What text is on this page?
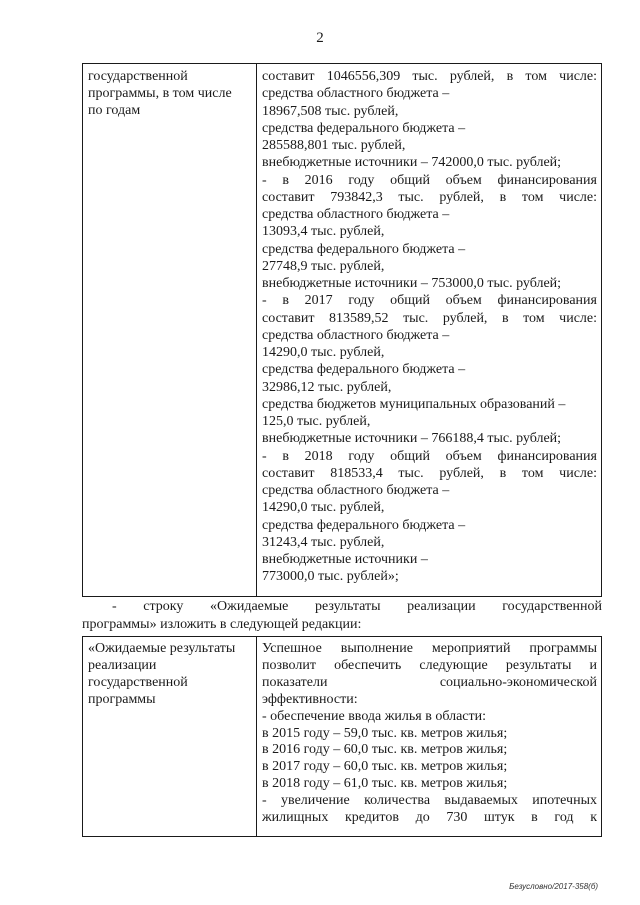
2
государственной
программы, в том числе
по годам

составит 1046556,309 тыс. рублей, в том числе:
средства областного бюджета –
18967,508 тыс. рублей,
средства федерального бюджета –
285588,801 тыс. рублей,
внебюджетные источники – 742000,0 тыс. рублей;
- в 2016 году общий объем финансирования
составит 793842,3 тыс. рублей, в том числе:
средства областного бюджета –
13093,4 тыс. рублей,
средства федерального бюджета –
27748,9 тыс. рублей,
внебюджетные источники – 753000,0 тыс. рублей;
- в 2017 году общий объем финансирования
составит 813589,52 тыс. рублей, в том числе:
средства областного бюджета –
14290,0 тыс. рублей,
средства федерального бюджета –
32986,12 тыс. рублей,
средства бюджетов муниципальных образований –
125,0 тыс. рублей,
внебюджетные источники – 766188,4 тыс. рублей;
- в 2018 году общий объем финансирования
составит 818533,4 тыс. рублей, в том числе:
средства областного бюджета –
14290,0 тыс. рублей,
средства федерального бюджета –
31243,4 тыс. рублей,
внебюджетные источники –
773000,0 тыс. рублей»;
- строку «Ожидаемые результаты реализации государственной
программы» изложить в следующей редакции:
«Ожидаемые результаты
реализации
государственной
программы

Успешное выполнение мероприятий программы
позволит обеспечить следующие результаты и
показатели социально-экономической
эффективности:
- обеспечение ввода жилья в области:
в 2015 году – 59,0 тыс. кв. метров жилья;
в 2016 году – 60,0 тыс. кв. метров жилья;
в 2017 году – 60,0 тыс. кв. метров жилья;
в 2018 году – 61,0 тыс. кв. метров жилья;
- увеличение количества выдаваемых ипотечных
жилищных кредитов до 730 штук в год к
Безусловно/2017-358(б)
